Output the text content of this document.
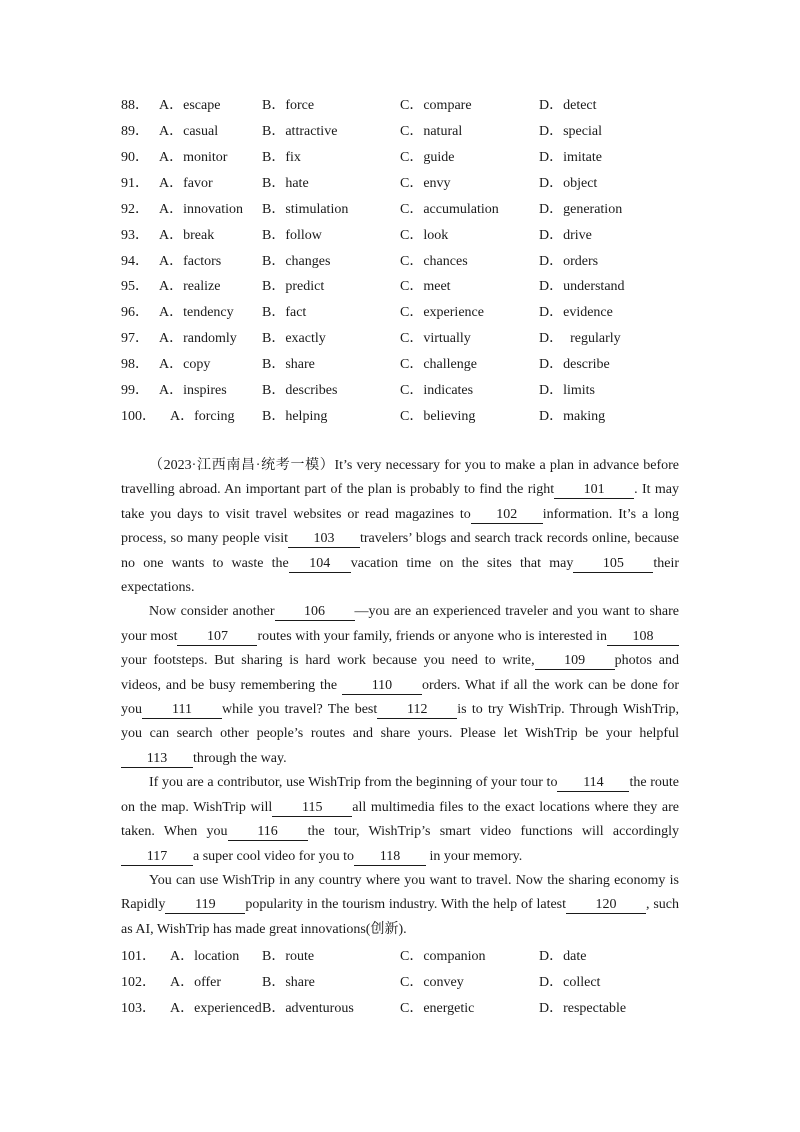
88． A．escape	B．force	C．compare	D．detect
89． A．casual	B．attractive	C．natural	D．special
90． A．monitor B．fix	C．guide	D．imitate
91． A．favor	B．hate	C．envy	D．object
92． A．innovation B．stimulation	C．accumulation	D．generation
93． A．break	B．follow	C．look	D．drive
94． A．factors	B．changes	C．chances	D．orders
95． A．realize	B．predict	C．meet	D．understand
96． A．tendency B．fact	C．experience	D．evidence
97． A．randomly B．exactly	C．virtually	D．  regularly
98． A．copy	B．share	C．challenge	D．describe
99． A．inspires	B．describes	C．indicates	D．limits
100． A．forcing B．helping	C．believing	D．making

（2023·江西南昌·统考一模）It’s very necessary for you to make a plan in advance before travelling abroad. An important part of the plan is probably to find the right 101 . It may take you days to visit travel websites or read magazines to 102 information. It’s a long process, so many people visit 103 travelers’ blogs and search track records online, because no one wants to waste the 104 vacation time on the sites that may 105 their expectations.

Now consider another 106 —you are an experienced traveler and you want to share your most 107 routes with your family, friends or anyone who is interested in 108your footsteps. But sharing is hard work because you need to write, 109 photos and videos, and be busy remembering the 110 orders. What if all the work can be done for you 111 while you travel? The best 112 is to try WishTrip. Through WishTrip, you can search other people’s routes and share yours. Please let WishTrip be your helpful113 through the way.

If you are a contributor, use WishTrip from the beginning of your tour to 114 the route on the map. WishTrip will 115 all multimedia files to the exact locations where they are taken. When you 116 the tour, WishTrip’s smart video functions will accordingly117 a super cool video for you to 118 in your memory.

You can use WishTrip in any country where you want to travel. Now the sharing economy is Rapidly 119 popularity in the tourism industry. With the help of latest 120 , such as AI, WishTrip has made great innovations(创新).

101． A．location B．route	C．companion	D．date
102． A．offer	B．share	C．convey	D．collect
103． A．experienced B．adventurous	C．energetic	D．respectable
